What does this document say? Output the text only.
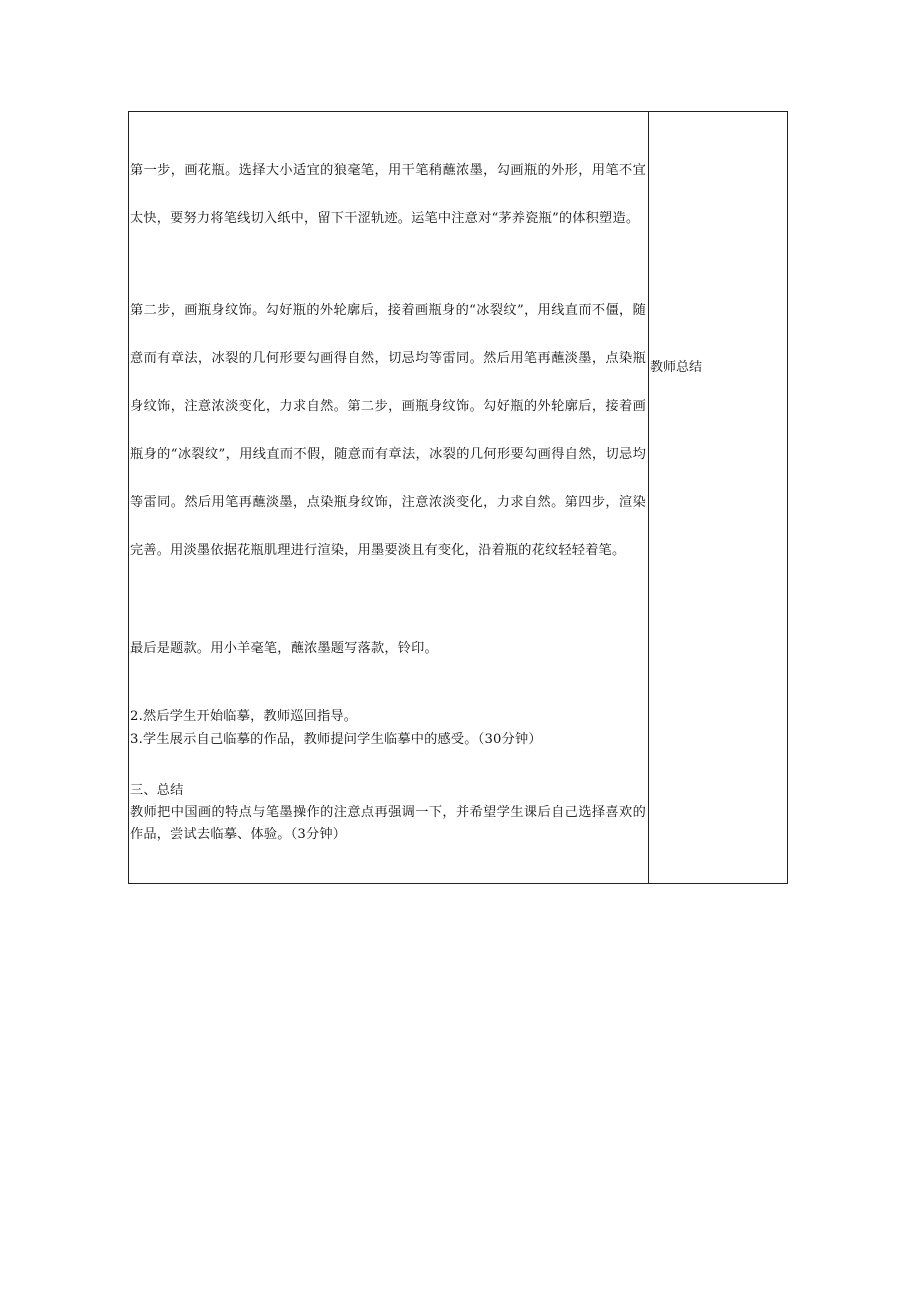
第一步，画花瓶。选择大小适宜的狼毫笔，用干笔稍蘸浓墨，勾画瓶的外形，用笔不宜太快，要努力将笔线切入纸中，留下干涩轨迹。运笔中注意对“茅养瓷瓶”的体积塑造。

第二步，画瓶身纹饰。勾好瓶的外轮廓后，接着画瓶身的“冰裂纹”，用线直而不僵，随意而有章法，冰裂的几何形要勾画得自然，切忌均等雷同。然后用笔再蘸淡墨，点染瓶身纹饰，注意浓淡变化，力求自然。第二步，画瓶身纹饰。勾好瓶的外轮廓后，接着画瓶身的“冰裂纹”，用线直而不假，随意而有章法，冰裂的几何形要勾画得自然，切忌均等雷同。然后用笔再蘸淡墨，点染瓶身纹饰，注意浓淡变化，力求自然。第四步，渲染完善。用淡墨依据花瓶肌理进行渲染，用墨要淡且有变化，沿着瓶的花纹轻轻着笔。

最后是题款。用小羊毫笔，蘸浓墨题写落款，铃印。

2.然后学生开始临摹，教师巡回指导。

3.学生展示自己临摹的作品，教师提问学生临摹中的感受。（30分钟）

三、总结

教师把中国画的特点与笔墨操作的注意点再强调一下，并希望学生课后自己选择喜欢的作品，尝试去临摹、体验。（3分钟）

教师总结
